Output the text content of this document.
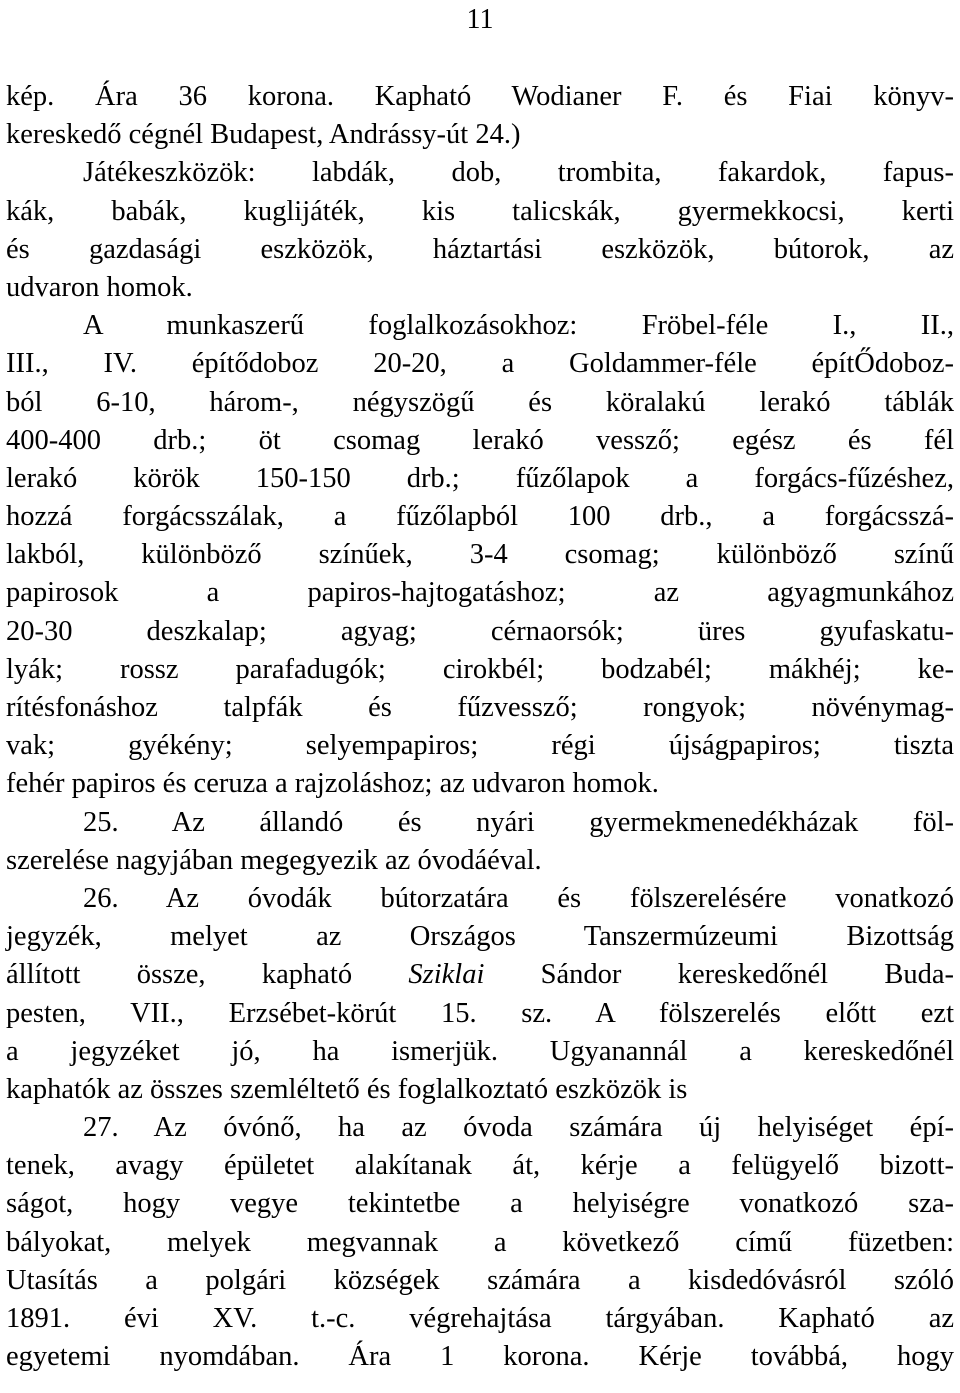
11
kép. Ára 36 korona. Kapható Wodianer F. és Fiai könyv-
kereskedő cégnél Budapest, Andrássy-út 24.)
Játékeszközök: labdák, dob, trombita, fakardok, fapus-
kák, babák, kuglijáték, kis talicskák, gyermekkocsi, kerti
és gazdasági eszközök, háztartási eszközök, bútorok, az
udvaron homok.
A munkaszerű foglalkozásokhoz: Fröbel-féle I., II.,
III., IV. építődoboz 20-20, a Goldammer-féle építŐdoboz-
ból 6-10, három-, négyszögű és köralakú lerakó táblák
400-400 drb.; öt csomag lerakó vessző; egész és fél
lerakó körök 150-150 drb.; fűzőlapok a forgács-fűzéshez,
hozzá forgácsszálak, a fűzőlapból 100 drb., a forgácsszá-
lakból, különböző színűek, 3-4 csomag; különböző színű
papirosok a papiros-hajtogatáshoz; az agyagmunkához
20-30 deszkalap; agyag; cérnaorsók; üres gyufaskatu-
lyák; rossz parafadugók; cirokbél; bodzabél; mákhéj; ke-
rítésfonáshoz talpfák és fűzvessző; rongyok; növénymag-
vak; gyékény; selyempapiros; régi újságpapiros; tiszta
fehér papiros és ceruza a rajzoláshoz; az udvaron homok.
25. Az állandó és nyári gyermekmenedékházak föl-
szerelése nagyjában megegyezik az óvodáéval.
26. Az óvodák bútorzatára és fölszerelésére vonatkozó
jegyzék, melyet az Országos Tanszermúzeumi Bizottság
állított össze, kapható Sziklai Sándor kereskedőnél Buda-
pesten, VII., Erzsébet-körút 15. sz. A fölszerelés előtt ezt
a jegyzéket jó, ha ismerjük. Ugyanannál a kereskedőnél
kaphatók az összes szemléltető és foglalkoztató eszközök is
27. Az óvónő, ha az óvoda számára új helyiséget épí-
tenek, avagy épületet alakítanak át, kérje a felügyelő bizott-
ságot, hogy vegye tekintetbe a helyiségre vonatkozó sza-
bályokat, melyek megvannak a következő című füzetben:
Utasítás a polgári községek számára a kisdedóvásról szóló
1891. évi XV. t.-c. végrehajtása tárgyában. Kapható az
egyetemi nyomdában. Ára 1 korona. Kérje továbbá, hogy
